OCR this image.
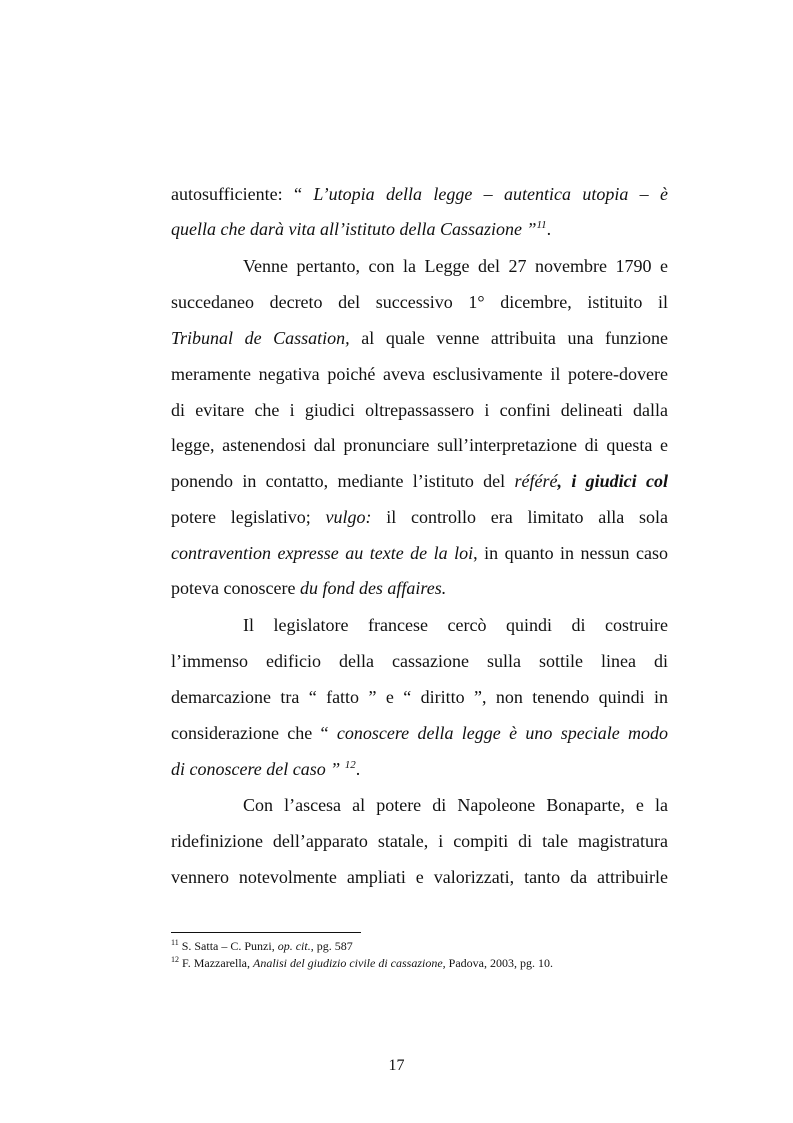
autosufficiente: “ L’utopia della legge – autentica utopia – è
quella che darà vita all’istituto della Cassazione ”$^{11}$.
Venne pertanto, con la Legge del 27 novembre 1790 e
succedaneo decreto del successivo 1° dicembre, istituito il
Tribunal de Cassation, al quale venne attribuita una funzione
meramente negativa poiché aveva esclusivamente il potere-dovere
di evitare che i giudici oltrepassassero i confini delineati dalla
legge, astenendosi dal pronunciare sull’interpretazione di questa e
ponendo in contatto, mediante l’istituto del référé, i giudici col
potere legislativo; vulgo: il controllo era limitato alla sola
contravention expresse au texte de la loi, in quanto in nessun caso
poteva conoscere du fond des affaires.
Il legislatore francese cercò quindi di costruire
l’immenso edificio della cassazione sulla sottile linea di
demarcazione tra “ fatto ” e “ diritto ”, non tenendo quindi in
considerazione che “ conoscere della legge è uno speciale modo
di conoscere del caso ” $^{12}$.
Con l’ascesa al potere di Napoleone Bonaparte, e la
ridefinizione dell’apparato statale, i compiti di tale magistratura
vennero notevolmente ampliati e valorizzati, tanto da attribuirle
$^{11}$ S. Satta – C. Punzi, op. cit., pg. 587
$^{12}$ F. Mazzarella, Analisi del giudizio civile di cassazione, Padova, 2003, pg. 10.
17
